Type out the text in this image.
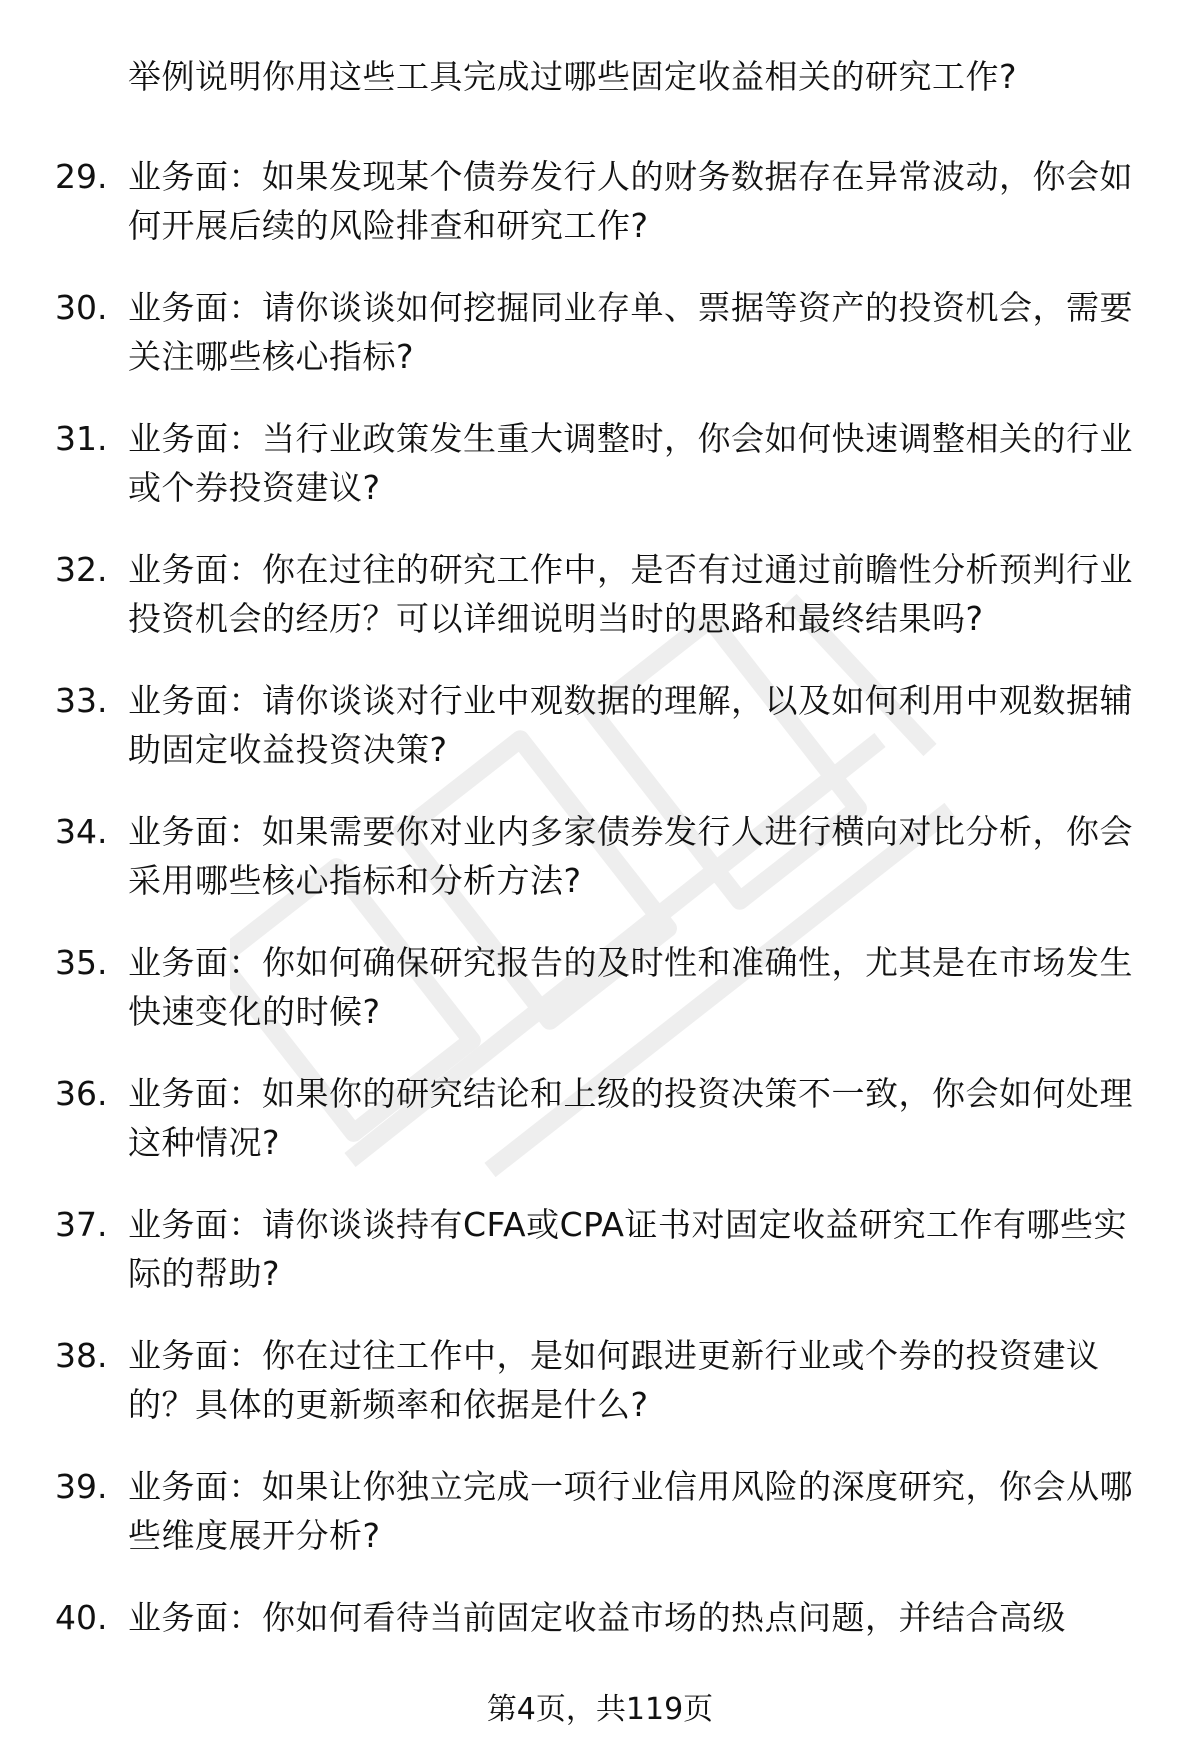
举例说明你用这些工具完成过哪些固定收益相关的研究工作?
29. 业务面：如果发现某个债券发行人的财务数据存在异常波动，你会如何开展后续的风险排查和研究工作?
30. 业务面：请你谈谈如何挖掘同业存单、票据等资产的投资机会，需要关注哪些核心指标?
31. 业务面：当行业政策发生重大调整时，你会如何快速调整相关的行业或个券投资建议?
32. 业务面：你在过往的研究工作中，是否有过通过前瞻性分析预判行业投资机会的经历？可以详细说明当时的思路和最终结果吗?
33. 业务面：请你谈谈对行业中观数据的理解，以及如何利用中观数据辅助固定收益投资决策?
34. 业务面：如果需要你对业内多家债券发行人进行横向对比分析，你会采用哪些核心指标和分析方法?
35. 业务面：你如何确保研究报告的及时性和准确性，尤其是在市场发生快速变化的时候?
36. 业务面：如果你的研究结论和上级的投资决策不一致，你会如何处理这种情况?
37. 业务面：请你谈谈持有CFA或CPA证书对固定收益研究工作有哪些实际的帮助?
38. 业务面：你在过往工作中，是如何跟进更新行业或个券的投资建议的？具体的更新频率和依据是什么?
39. 业务面：如果让你独立完成一项行业信用风险的深度研究，你会从哪些维度展开分析?
40. 业务面：你如何看待当前固定收益市场的热点问题，并结合高级
第4页，共119页
